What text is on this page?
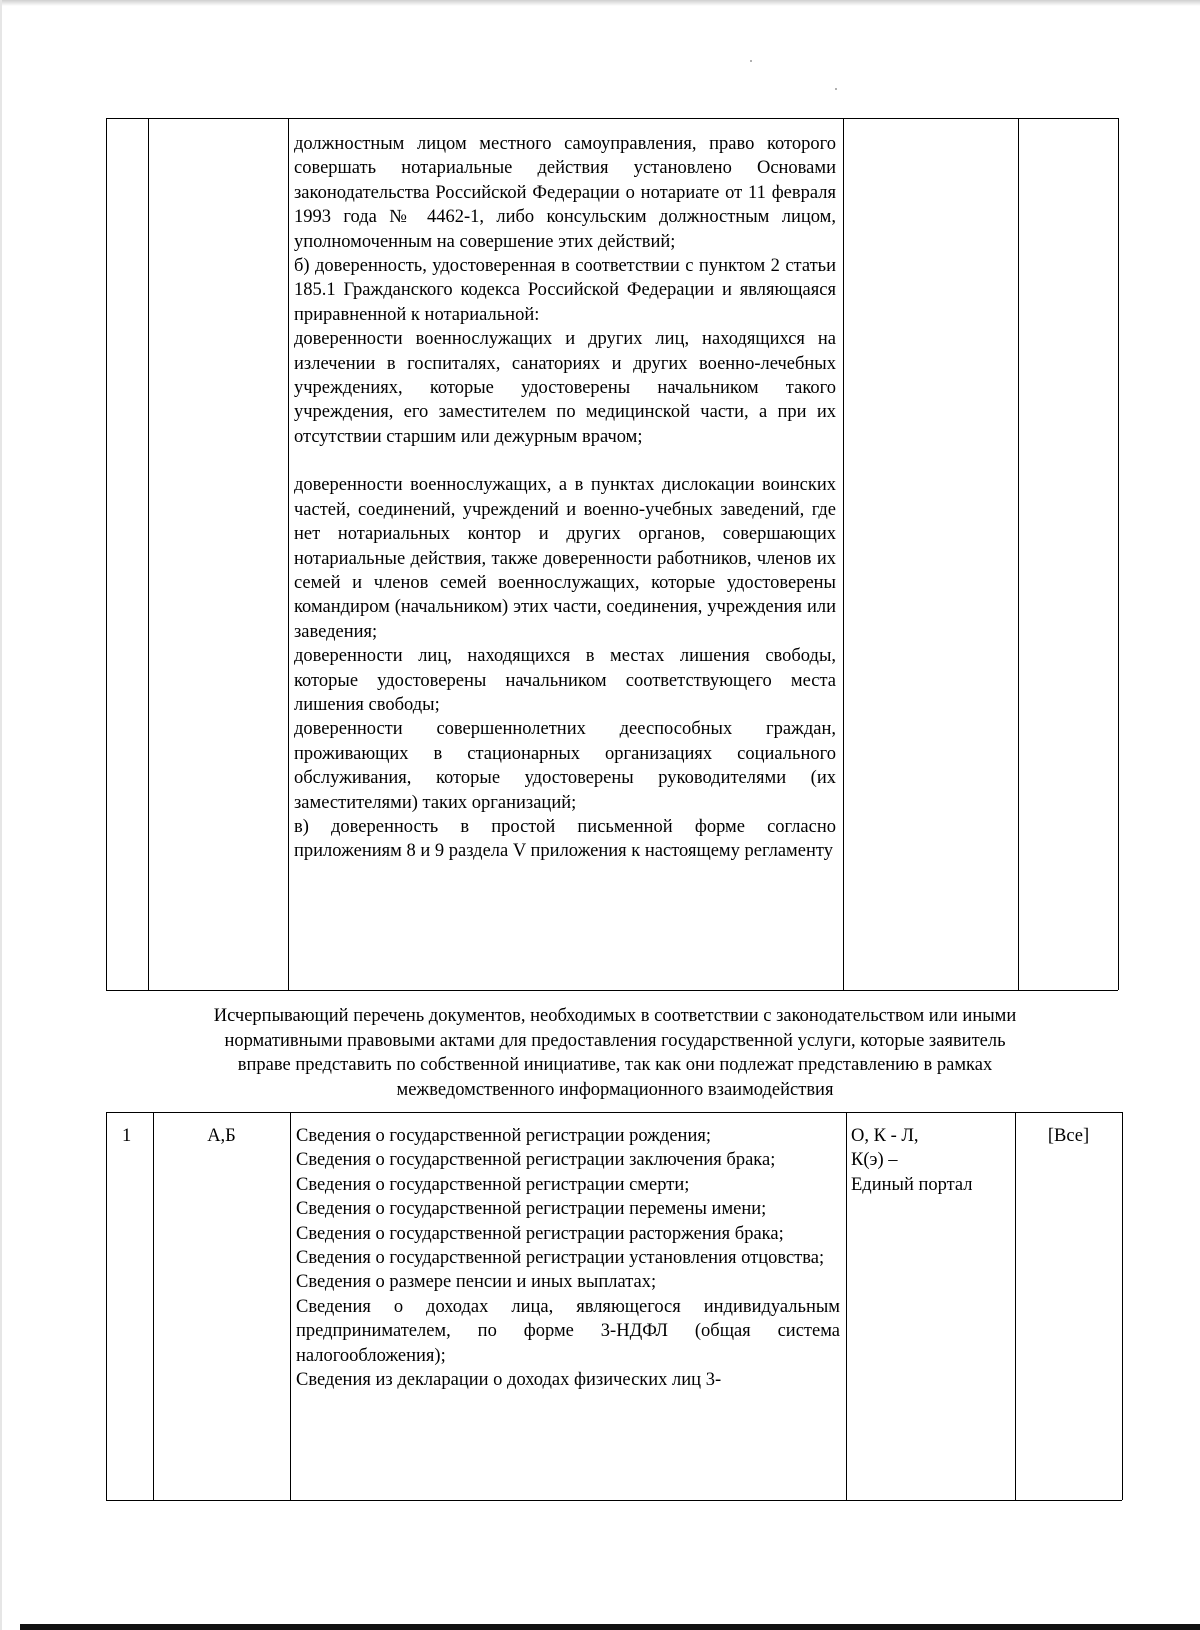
должностным лицом местного самоуправления, право которого совершать нотариальные действия установлено Основами законодательства Российской Федерации о нотариате от 11 февраля 1993 года № 4462-1, либо консульским должностным лицом, уполномоченным на совершение этих действий;

б) доверенность, удостоверенная в соответствии с пунктом 2 статьи 185.1 Гражданского кодекса Российской Федерации и являющаяся приравненной к нотариальной:

доверенности военнослужащих и других лиц, находящихся на излечении в госпиталях, санаториях и других военно-лечебных учреждениях, которые удостоверены начальником такого учреждения, его заместителем по медицинской части, а при их отсутствии старшим или дежурным врачом;

доверенности военнослужащих, а в пунктах дислокации воинских частей, соединений, учреждений и военно-учебных заведений, где нет нотариальных контор и других органов, совершающих нотариальные действия, также доверенности работников, членов их семей и членов семей военнослужащих, которые удостоверены командиром (начальником) этих части, соединения, учреждения или заведения;

доверенности лиц, находящихся в местах лишения свободы, которые удостоверены начальником соответствующего места лишения свободы;

доверенности совершеннолетних дееспособных граждан, проживающих в стационарных организациях социального обслуживания, которые удостоверены руководителями (их заместителями) таких организаций;

в) доверенность в простой письменной форме согласно приложениям 8 и 9 раздела V приложения к настоящему регламенту

Исчерпывающий перечень документов, необходимых в соответствии с законодательством или иными

нормативными правовыми актами для предоставления государственной услуги, которые заявитель

вправе представить по собственной инициативе, так как они подлежат представлению в рамках

межведомственного информационного взаимодействия

1	А,Б	Сведения о государственной регистрации рождения;

Сведения о государственной регистрации заключения брака;

Сведения о государственной регистрации смерти;

Сведения о государственной регистрации перемены имени;

Сведения о государственной регистрации расторжения брака;

Сведения о государственной регистрации установления отцовства;

Сведения о размере пенсии и иных выплатах;

Сведения о доходах лица, являющегося индивидуальным предпринимателем, по форме 3-НДФЛ (общая система налогообложения);

Сведения из декларации о доходах физических лиц 3-

О, К - Л,
К(э) –
Единый портал
[Все]
